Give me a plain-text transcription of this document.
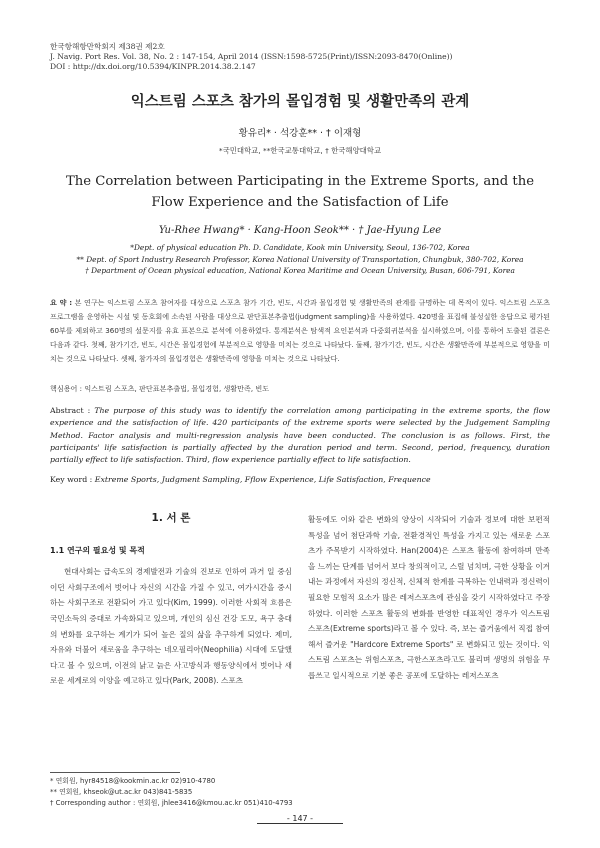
한국항해항만학회지 제38권 제2호
J. Navig. Port Res. Vol. 38, No. 2 : 147-154, April 2014 (ISSN:1598-5725(Print)/ISSN:2093-8470(Online))
DOI : http://dx.doi.org/10.5394/KINPR.2014.38.2.147
익스트림 스포츠 참가의 몰입경험 및 생활만족의 관계
황유리* · 석강훈** · † 이재형
*국민대학교, **한국교통대학교, † 한국해양대학교
The Correlation between Participating in the Extreme Sports, and the Flow Experience and the Satisfaction of Life
Yu-Rhee Hwang* · Kang-Hoon Seok** · † Jae-Hyung Lee
*Dept. of physical education Ph. D. Candidate, Kook min University, Seoul, 136-702, Korea
** Dept. of Sport Industry Research Professor, Korea National University of Transportation, Chungbuk, 380-702, Korea
† Department of Ocean physical education, National Korea Maritime and Ocean University, Busan, 606-791, Korea
요 약 : 본 연구는 익스트림 스포츠 참여자를 대상으로 스포츠 참가 기간, 빈도, 시간과 몰입경험 및 생활만족의 관계를 규명하는 데 목적이 있다. 익스트림 스포츠 프로그램을 운영하는 시설 및 동호회에 소속된 사람을 대상으로 판단표본추출법(judgment sampling)을 사용하였다. 420명을 표집해 불성실한 응답으로 평가된 60부를 제외하고 360명의 설문지를 유효 표본으로 분석에 이용하였다. 통계분석은 탐색적 요인분석과 다중회귀분석을 실시하였으며, 이를 통하여 도출된 결론은 다음과 같다. 첫째, 참가기간, 빈도, 시간은 몰입경험에 부분적으로 영향을 미치는 것으로 나타났다. 둘째, 참가기간, 빈도, 시간은 생활만족에 부분적으로 영향을 미치는 것으로 나타났다. 셋째, 참가자의 몰입경험은 생활만족에 영향을 미치는 것으로 나타났다.
핵심용어 : 익스트림 스포츠, 판단표본추출법, 몰입경험, 생활만족, 빈도
Abstract : The purpose of this study was to identify the correlation among participating in the extreme sports, the flow experience and the satisfaction of life. 420 participants of the extreme sports were selected by the Judgement Sampling Method. Factor analysis and multi-regression analysis have been conducted. The conclusion is as follows. First, the participants' life satisfaction is partially affected by the duration period and term. Second, period, frequency, duration partially effect to life satisfaction. Third, flow experience partially effect to life satisfaction.
Key word : Extreme Sports, Judgment Sampling, Fflow Experience, Life Satisfaction, Frequence
1. 서 론
1.1 연구의 필요성 및 목적

현대사회는 급속도의 경제발전과 기술의 진보로 인하여 과거 일 중심이던 사회구조에서 벗어나 자신의 시간을 가질 수 있고, 여가시간을 중시하는 사회구조로 전환되어 가고 있다(Kim, 1999). 이러한 사회적 흐름은 국민소득의 증대로 가속화되고 있으며, 개인의 심신 건강 도모, 욕구 충대의 변화를 요구하는 계기가 되어 높은 질의 삶을 추구하게 되었다. 제미, 자유와 더불어 새로움을 추구하는 네오필리아(Neophilia) 시대에 도달했다고 볼 수 있으며, 이전의 낡고 늙은 사고방식과 행동양식에서 벗어나 새로운 세계로의 이양을 예고하고 있다(Park, 2008). 스포츠

활동에도 이와 같은 변화의 양상이 시작되어 기술과 정보에 대한 보편적 특성을 넘어 첨단과학 기술, 전환경적인 특성을 가지고 있는 새로운 스포츠가 주목받기 시작하였다. Han(2004)은 스포츠 활동에 참여하며 만족을 느끼는 단계를 넘어서 보다 창의적이고, 스릴 넘치며, 극한 상황을 이겨내는 과정에서 자신의 정신적, 신체적 한계를 극복하는 인내력과 정신력이 필요한 모험적 요소가 많은 레저스포츠에 관심을 갖기 시작하였다고 주장하였다. 이러한 스포츠 활동의 변화를 반영한 대표적인 경우가 익스트림 스포츠(Extreme sports)라고 볼 수 있다. 즉, 보는 즐거움에서 직접 참여해서 즐거운 "Hardcore Extreme Sports" 로 변화되고 있는 것이다. 익스트림 스포츠는 위험스포츠, 극한스포츠라고도 불리며 생명의 위험을 무릅쓰고 일시적으로 기분 좋은 공포에 도달하는 레저스포츠

* 연회원, hyr84518@kookmin.ac.kr 02)910-4780
** 연회원, khseok@ut.ac.kr 043)841-5835
† Corresponding author : 연회원, jhlee3416@kmou.ac.kr 051)410-4793
- 147 -
